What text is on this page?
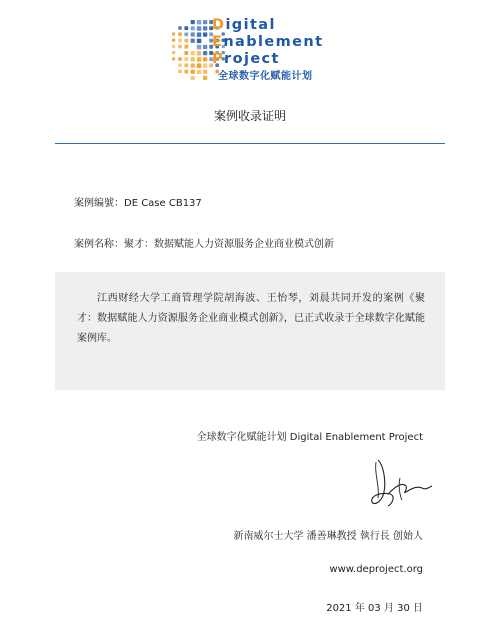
Digital
Enablement
Project
全球数字化赋能计划
案例收录证明
案例编號：DE Case CB137
案例名称：聚才：数据赋能人力资源服务企业商业模式创新
江西财经大学工商管理学院胡海波、王怡琴，刘晨共同开发的案例《聚才：数据赋能人力资源服务企业商业模式创新》，已正式收录于全球数字化赋能案例库。
全球数字化赋能计划 Digital Enablement Project
新南威尔士大学 潘善琳教授 執行長 创始人
www.deproject.org
2021 年 03 月 30 日
